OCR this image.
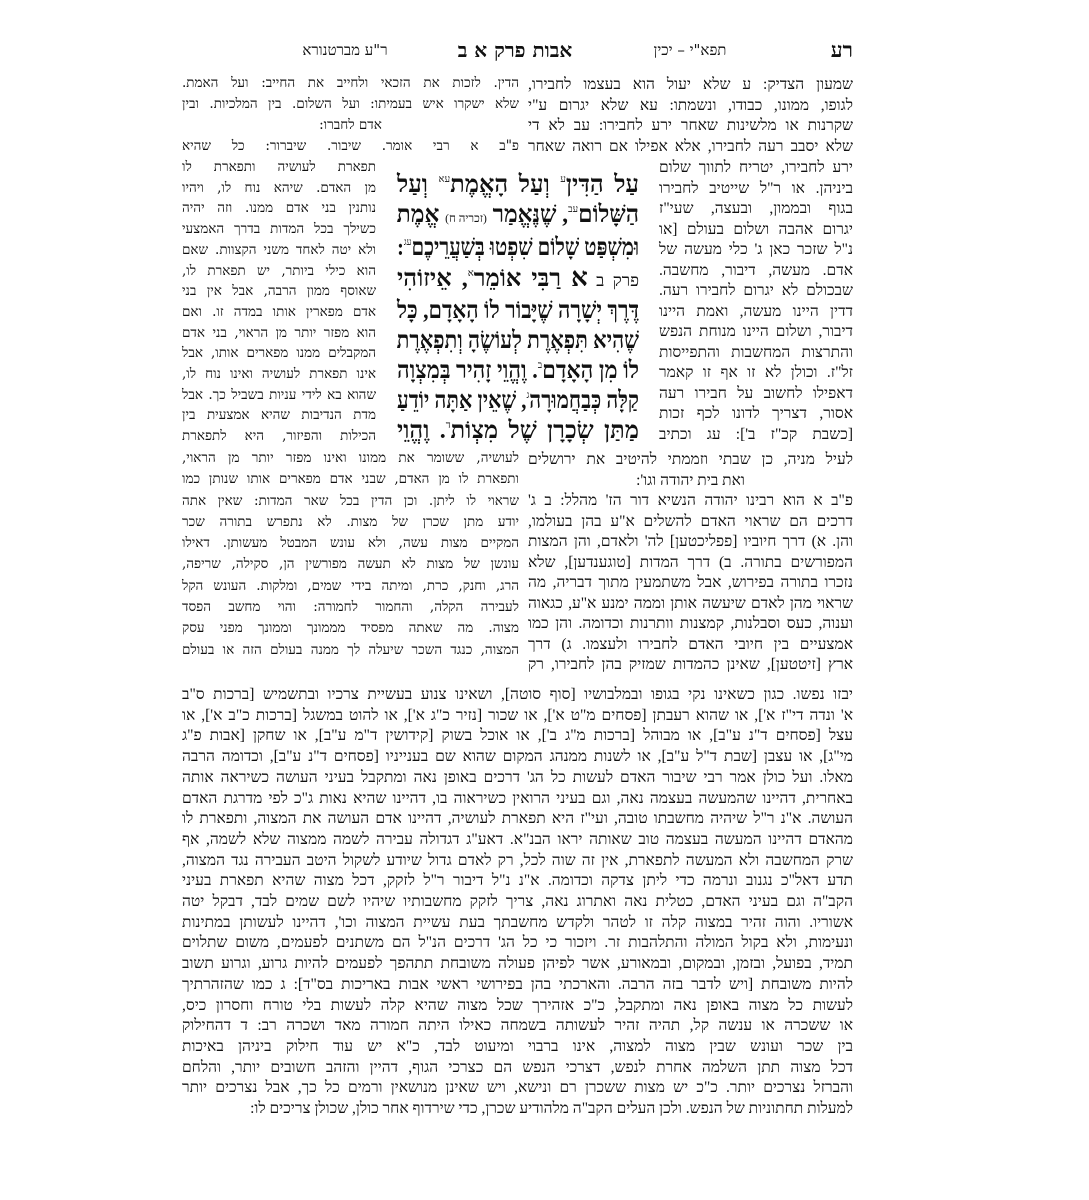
רע
תפא"י – יכין
אבות פרק א ב
ר"ע מברטנורא
שמעון הצדיק: ע שלא יעול הוא בעצמו לחבירו,
לגופו, ממונו, כבודו, ונשמתו: עא שלא יגרום ע"י
שקרנות או מלשינות שאחר ירע לחבירו: עב לא די
שלא יסבב רעה לחבירו, אלא אפילו אם רואה שאחר
ירע לחבירו, יטריח לתווך שלום
ביניהן. או ר"ל שייטיב לחבירו
בגוף ובממון, ובעצה, שעי"ז
יגרום אהבה ושלום בעולם [או
נ"ל שזכר כאן ג' כלי מעשה של
אדם. מעשה, דיבור, מחשבה.
שבכולם לא יגרום לחבירו רעה.
דדין היינו מעשה, ואמת היינו
דיבור, ושלום היינו מנוחת הנפש
והתרצות המחשבות והתפייסות
זל"ז. וכולן לא זו אף זו קאמר
דאפילו לחשוב על חבירו רעה
אסור, דצריך לדונו לכף זכות
[כשבת קכ"ז ב']: עג וכתיב
לעיל מניה, כן שבתי וזממתי להיטיב את ירושלים
ואת בית יהודה וגו':
פ"ב א הוא רבינו יהודה הנשיא דור הז' מהלל: ב ג'
דרכים הם שראוי האדם להשלים א"ע בהן בעולמו,
והן. א) דרך חיוביו [פפליכטען] לה' ולאדם, והן המצות
המפורשים בתורה. ב) דרך המדות [טוגענדען], שלא
נזכרו בתורה בפירוש, אבל משתמעין מתוך דבריה, מה
שראוי מהן לאדם שיעשה אותן וממה ימנע א"ע, כגאוה
וענוה, כעס וסבלנות, קמצנות וותרנות וכדומה. והן כמו
אמצעיים בין חיובי האדם לחבירו ולעצמו. ג) דרך
ארץ [זיטטען], שאינן כהמדות שמזיק בהן לחבירו, רק
יבזו נפשו. כגון כשאינו נקי בגופו ובמלבושיו [סוף סוטה], ושאינו צנוע בעשיית צרכיו ובתשמיש [ברכות ס"ב
א' ונדה די"ז א'], או שהוא רעבתן [פסחים מ"ט א'], או שכור [נזיר כ"ג א'], או להוט במשגל [ברכות כ"ב א'], או
עצל [פסחים ד"נ ע"ב], או מבוהל [ברכות מ"ג ב'], או אוכל בשוק [קידושין ד"מ ע"ב], או שחקן [אבות פ"ג
מי"ג], או עצבן [שבת ד"ל ע"ב], או לשנות ממנהג המקום שהוא שם בענייניו [פסחים ד"נ ע"ב], וכדומה הרבה
מאלו. ועל כולן אמר רבי שיבור האדם לעשות כל הג' דרכים באופן נאה ומתקבל בעיני העושה כשיראה אותה
באחרית, דהיינו שהמעשה בעצמה נאה, וגם בעיני הרואין כשיראוה בו, דהיינו שהיא נאות ג"כ לפי מדרגת האדם
העושה. א"נ ר"ל שיהיה מחשבתו טובה, ועי"ז היא תפארת לעושיה, דהיינו אדם העושה את המצוה, ותפארת לו
מהאדם דהיינו המעשה בעצמה טוב שאותה יראו הבנ"א. דאע"ג דגדולה עבירה לשמה ממצוה שלא לשמה, אף
שרק המחשבה ולא המעשה לתפארת, אין זה שוה לכל, רק לאדם גדול שיודע לשקול היטב העבירה נגד המצוה,
תדע דאל"כ נגנוב ונרמה כדי ליתן צדקה וכדומה. א"נ נ"ל דיבור ר"ל לזקק, דכל מצוה שהיא תפארת בעיני
הקב"ה וגם בעיני האדם, כטלית נאה ואתרוג נאה, צריך לזקק מחשבותיו שיהיו לשם שמים לבד, דבקל יטה
אשוריו. והוה זהיר במצוה קלה זו לטהר ולקדש מחשבתך בעת עשיית המצוה וכו', דהיינו לעשותן במתינות
ונעימות, ולא בקול המולה והתלהבות זר. ויזכור כי כל הג' דרכים הנ"ל הם משתנים לפעמים, משום שתלוים
תמיד, בפועל, ובזמן, ובמקום, ובמאורע, אשר לפיהן פעולה משובחת תתהפך לפעמים להיות גרוע, וגרוע תשוב
להיות משובחת [ויש לדבר בזה הרבה. והארכתי בהן בפירושי ראשי אבות באריכות בס"ד]: ג כמו שהזהרתיך
לעשות כל מצוה באופן נאה ומתקבל, כ"כ אזהירך שכל מצוה שהיא קלה לעשות בלי טורח וחסרון כיס,
או ששכרה או ענשה קל, תהיה זהיר לעשותה בשמחה כאילו היתה חמורה מאד ושכרה רב: ד דהחילוק
בין שכר ועונש שבין מצוה למצוה, אינו ברבוי ומיעוט לבד, כ"א יש עוד חילוק ביניהן באיכות
דכל מצוה תתן השלמה אחרת לנפש, דצרכי הנפש הם כצרכי הגוף, דהיין והזהב חשובים יותר, והלחם
והברזל נצרכים יותר. כ"כ יש מצות ששכרן רם ונישא, ויש שאינן מנושאין ורמים כל כך, אבל נצרכים יותר
למעלות תחתוניות של הנפש. ולכן העלים הקב"ה מלהודיע שכרן, כדי שירדוף אחר כולן, שכולן צריכים לו:
עַל הַדִּין$^ע$ וְעַל הָאֱמֶת$^{עא}$ וְעַל
הַשָּׁלוֹם$^{עב}$, שֶׁנֶּאֱמַר (זכריה ח) אֱמֶת
וּמִשְׁפַּט שָׁלוֹם שִׁפְטוּ בְּשַׁעֲרֵיכֶם$^{עג}$:
פרק ב א רַבִּי אוֹמֵר$^א$, אֵיזוֹהִי
דֶּרֶךְ יְשָׁרָה שֶׁיָּבוֹר לוֹ הָאָדָם, כָּל
שֶׁהִיא תִּפְאֶרֶת לְעוֹשֶׂהָ וְתִפְאֶרֶת
לוֹ מִן הָאָדָם$^ב$. וֶהֱוֵי זָהִיר בְּמִצְוָה
קַלָּה כְּבַחֲמוּרָה$^ג$, שֶׁאֵין אַתָּה יוֹדֵעַ
מַתַּן שְׂכָרָן שֶׁל מִצְוֹת$^ד$. וֶהֱוֵי
הדין. לזכות את הזכאי ולחייב את החייב: ועל האמת.
שלא ישקרו איש בעמיתו: ועל השלום. בין המלכיות. ובין
אדם לחברו:
פ"ב א רבי אומר. שיבור. שיברור: כל שהיא
תפארת לעושיה ותפארת לו
מן האדם. שיהא נוח לו, ויהיו
נותנין בני אדם ממנו. וזה יהיה
כשילך בכל המדות בדרך האמצעי
ולא יטה לאחד משני הקצוות. שאם
הוא כילי ביותר, יש תפארת לו,
שאוסף ממון הרבה, אבל אין בני
אדם מפארין אותו במדה זו. ואם
הוא מפזר יותר מן הראוי, בני אדם
המקבלים ממנו מפארים אותו, אבל
אינו תפארת לעושיה ואינו נוח לו,
שהוא בא לידי עניות בשביל כך. אבל
מדת הנדיבות שהיא אמצעית בין
הכילות והפיזור, היא לתפארת
לעושיה, ששומר את ממונו ואינו מפזר יותר מן הראוי,
ותפארת לו מן האדם, שבני אדם מפארים אותו שנותן כמו
שראוי לו ליתן. וכן הדין בכל שאר המדות: שאין אתה
יודע מתן שכרן של מצות. לא נתפרש בתורה שכר
המקיים מצות עשה, ולא עונש המבטל מעשותן. דאילו
עונשן של מצות לא תעשה מפורשין הן, סקילה, שריפה,
הרג, וחנק, כרת, ומיתה בידי שמים, ומלקות. העונש הקל
לעבירה הקלה, והחמור לחמורה: והוי מחשב הפסד
מצוה. מה שאתה מפסיד מממונך וממונך מפני עסק
המצוה, כנגד השכר שיעלה לך ממנה בעולם הזה או בעולם
